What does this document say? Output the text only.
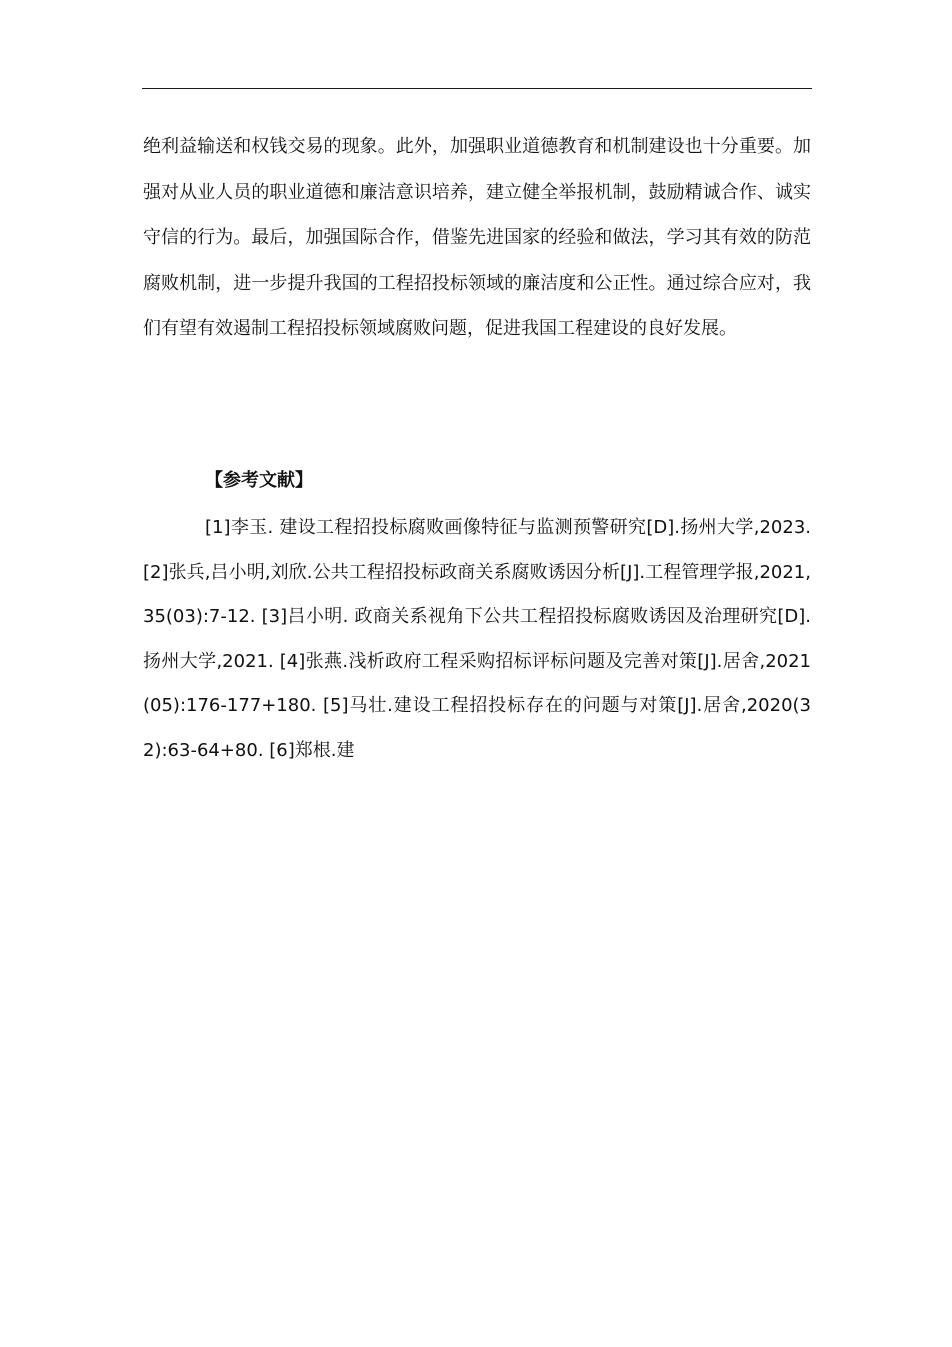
绝利益输送和权钱交易的现象。此外，加强职业道德教育和机制建设也十分重要。加强对从业人员的职业道德和廉洁意识培养，建立健全举报机制，鼓励精诚合作、诚实守信的行为。最后，加强国际合作，借鉴先进国家的经验和做法，学习其有效的防范腐败机制，进一步提升我国的工程招投标领域的廉洁度和公正性。通过综合应对，我们有望有效遏制工程招投标领域腐败问题，促进我国工程建设的良好发展。

【参考文献】

[1]李玉. 建设工程招投标腐败画像特征与监测预警研究[D].扬州大学,2023. [2]张兵,吕小明,刘欣.公共工程招投标政商关系腐败诱因分析[J].工程管理学报,2021,35(03):7-12. [3]吕小明. 政商关系视角下公共工程招投标腐败诱因及治理研究[D].扬州大学,2021. [4]张燕.浅析政府工程采购招标评标问题及完善对策[J].居舍,2021(05):176-177+180. [5]马壮.建设工程招投标存在的问题与对策[J].居舍,2020(32):63-64+80. [6]郑根.建
